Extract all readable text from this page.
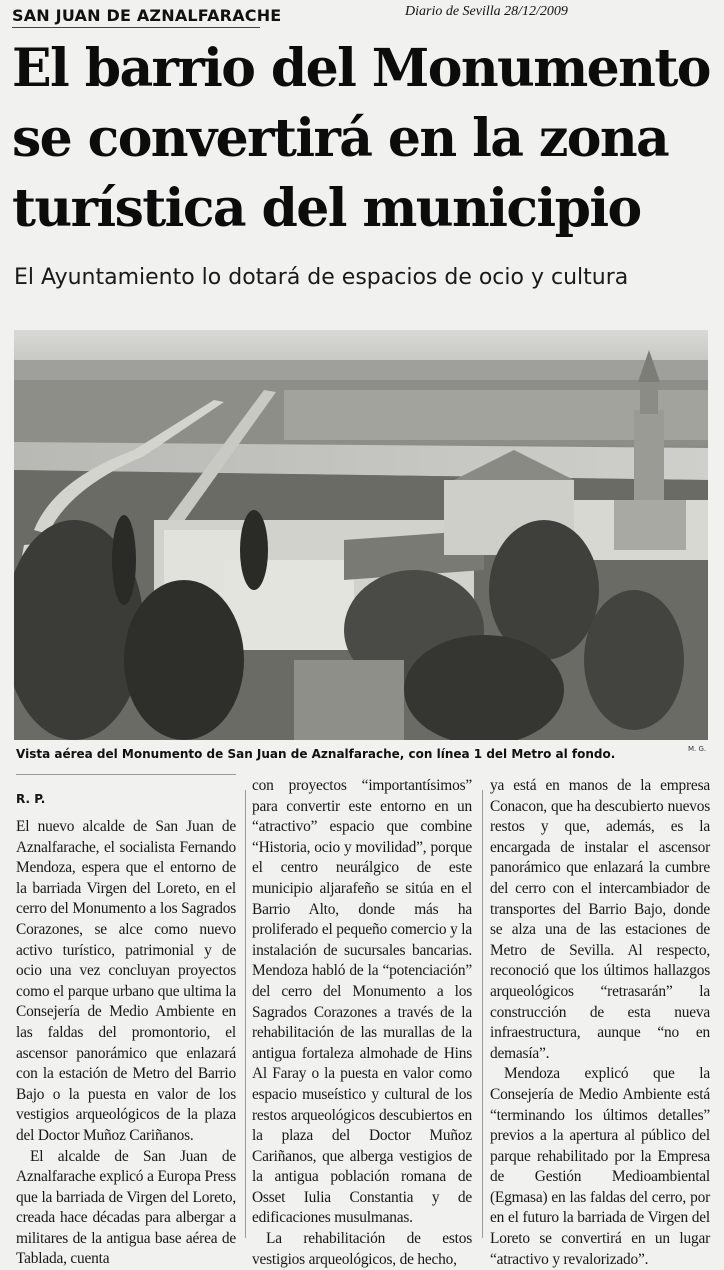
SAN JUAN DE AZNALFARACHE	Diario de Sevilla 28/12/2009
El barrio del Monumento se convertirá en la zona turística del municipio

El Ayuntamiento lo dotará de espacios de ocio y cultura

Vista aérea del Monumento de San Juan de Aznalfarache, con línea 1 del Metro al fondo.	M. G.
R. P.

El nuevo alcalde de San Juan de Aznalfarache, el socialista Fernando Mendoza, espera que el entorno de la barriada Virgen del Loreto, en el cerro del Monumento a los Sagrados Corazones, se alce como nuevo activo turístico, patrimonial y de ocio una vez concluyan proyectos como el parque urbano que ultima la Consejería de Medio Ambiente en las faldas del promontorio, el ascensor panorámico que enlazará con la estación de Metro del Barrio Bajo o la puesta en valor de los vestigios arqueológicos de la plaza del Doctor Muñoz Cariñanos.

El alcalde de San Juan de Aznalfarache explicó a Europa Press que la barriada de Virgen del Loreto, creada hace décadas para albergar a militares de la antigua base aérea de Tablada, cuenta

con proyectos “importantísimos” para convertir este entorno en un “atractivo” espacio que combine “Historia, ocio y movilidad”, porque el centro neurálgico de este municipio aljarafeño se sitúa en el Barrio Alto, donde más ha proliferado el pequeño comercio y la instalación de sucursales bancarias. Mendoza habló de la “potenciación” del cerro del Monumento a los Sagrados Corazones a través de la rehabilitación de las murallas de la antigua fortaleza almohade de Hins Al Faray o la puesta en valor como espacio museístico y cultural de los restos arqueológicos descubiertos en la plaza del Doctor Muñoz Cariñanos, que alberga vestigios de la antigua población romana de Osset Iulia Constantia y de edificaciones musulmanas.

La rehabilitación de estos vestigios arqueológicos, de hecho,

ya está en manos de la empresa Conacon, que ha descubierto nuevos restos y que, además, es la encargada de instalar el ascensor panorámico que enlazará la cumbre del cerro con el intercambiador de transportes del Barrio Bajo, donde se alza una de las estaciones de Metro de Sevilla. Al respecto, reconoció que los últimos hallazgos arqueológicos “retrasarán” la construcción de esta nueva infraestructura, aunque “no en demasía”.

Mendoza explicó que la Consejería de Medio Ambiente está “terminando los últimos detalles” previos a la apertura al público del parque rehabilitado por la Empresa de Gestión Medioambiental (Egmasa) en las faldas del cerro, por en el futuro la barriada de Virgen del Loreto se convertirá en un lugar “atractivo y revalorizado”.
